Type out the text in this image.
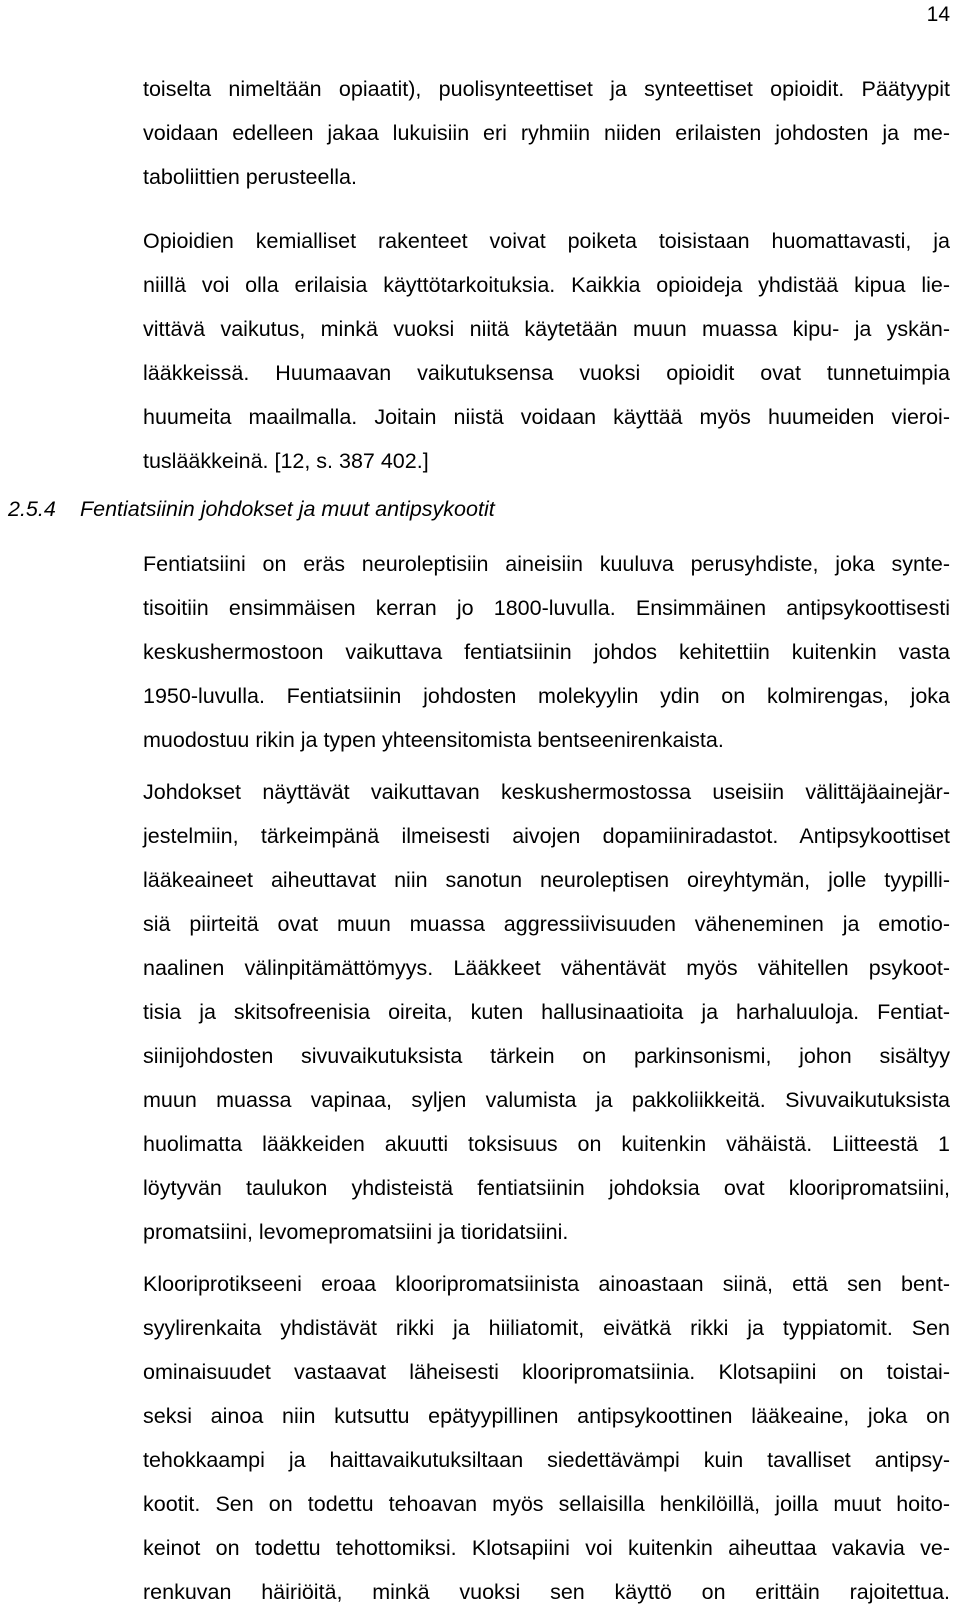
14
toiselta nimeltään opiaatit), puolisynteettiset ja synteettiset opioidit. Päätyypit
voidaan edelleen jakaa lukuisiin eri ryhmiin niiden erilaisten johdosten ja me-
taboliittien perusteella.
Opioidien kemialliset rakenteet voivat poiketa toisistaan huomattavasti, ja
niillä voi olla erilaisia käyttötarkoituksia. Kaikkia opioideja yhdistää kipua lie-
vittävä vaikutus, minkä vuoksi niitä käytetään muun muassa kipu- ja yskän-
lääkkeissä. Huumaavan vaikutuksensa vuoksi opioidit ovat tunnetuimpia
huumeita maailmalla. Joitain niistä voidaan käyttää myös huumeiden vieroi-
tuslääkkeinä. [12, s. 387 402.]
2.5.4 Fentiatsiinin johdokset ja muut antipsykootit
Fentiatsiini on eräs neuroleptisiin aineisiin kuuluva perusyhdiste, joka synte-
tisoitiin ensimmäisen kerran jo 1800-luvulla. Ensimmäinen antipsykoottisesti
keskushermostoon vaikuttava fentiatsiinin johdos kehitettiin kuitenkin vasta
1950-luvulla. Fentiatsiinin johdosten molekyylin ydin on kolmirengas, joka
muodostuu rikin ja typen yhteensitomista bentseenirenkaista.
Johdokset näyttävät vaikuttavan keskushermostossa useisiin välittäjäainejär-
jestelmiin, tärkeimpänä ilmeisesti aivojen dopamiiniradastot. Antipsykoottiset
lääkeaineet aiheuttavat niin sanotun neuroleptisen oireyhtymän, jolle tyypilli-
siä piirteitä ovat muun muassa aggressiivisuuden väheneminen ja emotio-
naalinen välinpitämättömyys. Lääkkeet vähentävät myös vähitellen psykoot-
tisia ja skitsofreenisia oireita, kuten hallusinaatioita ja harhaluuloja. Fentiat-
siinijohdosten sivuvaikutuksista tärkein on parkinsonismi, johon sisältyy
muun muassa vapinaa, syljen valumista ja pakkoliikkeitä. Sivuvaikutuksista
huolimatta lääkkeiden akuutti toksisuus on kuitenkin vähäistä. Liitteestä 1
löytyvän taulukon yhdisteistä fentiatsiinin johdoksia ovat klooripromatsiini,
promatsiini, levomepromatsiini ja tioridatsiini.
Klooriprotikseeni eroaa klooripromatsiinista ainoastaan siinä, että sen bent-
syylirenkaita yhdistävät rikki ja hiiliatomit, eivätkä rikki ja typpiatomit. Sen
ominaisuudet vastaavat läheisesti klooripromatsiinia. Klotsapiini on toistai-
seksi ainoa niin kutsuttu epätyypillinen antipsykoottinen lääkeaine, joka on
tehokkaampi ja haittavaikutuksiltaan siedettävämpi kuin tavalliset antipsy-
kootit. Sen on todettu tehoavan myös sellaisilla henkilöillä, joilla muut hoito-
keinot on todettu tehottomiksi. Klotsapiini voi kuitenkin aiheuttaa vakavia ve-
renkuvan häiriöitä, minkä vuoksi sen käyttö on erittäin rajoitettua.
